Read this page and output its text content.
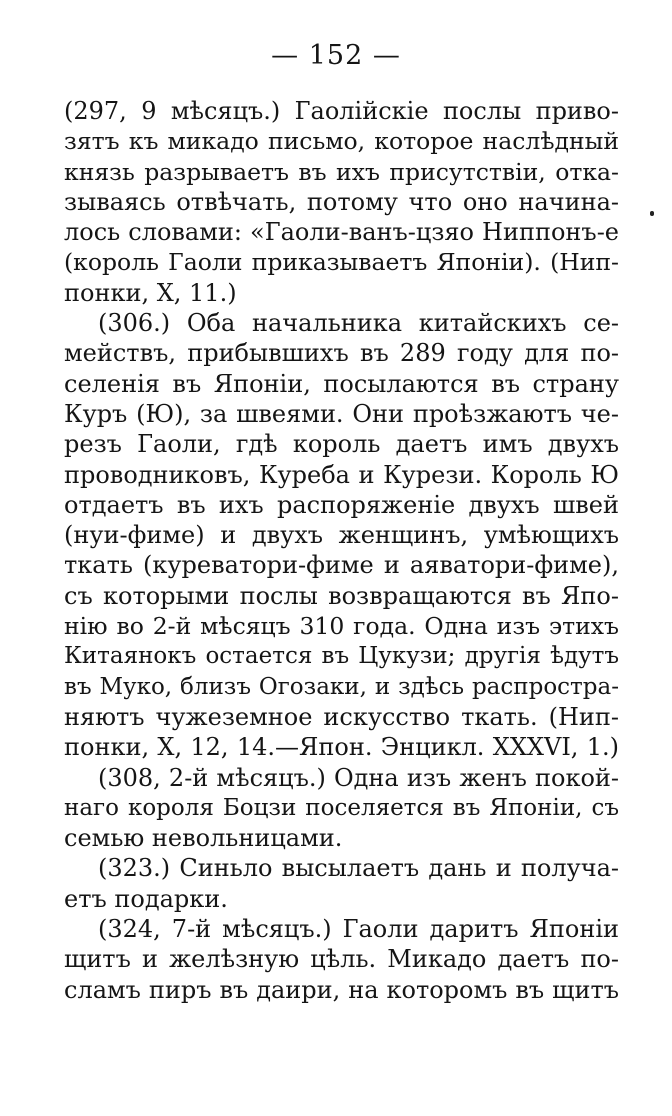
— 152 —
(297, 9 мѣсяцъ.) Гаолійскіе послы приво-
зятъ къ микадо письмо, которое наслѣдный
князь разрываетъ въ ихъ присутствіи, отка-
зываясь отвѣчать, потому что оно начина-
лось словами: «Гаоли-ванъ-цзяо Ниппонъ-е
(король Гаоли приказываетъ Японіи). (Нип-
понки, X, 11.)
(306.) Оба начальника китайскихъ се-
мействъ, прибывшихъ въ 289 году для по-
селенія въ Японіи, посылаются въ страну
Куръ (Ю), за швеями. Они проѣзжаютъ че-
резъ Гаоли, гдѣ король даетъ имъ двухъ
проводниковъ, Куреба и Курези. Король Ю
отдаетъ въ ихъ распоряженіе двухъ швей
(нуи-фиме) и двухъ женщинъ, умѣющихъ
ткать (куреватори-фиме и аяватори-фиме),
съ которыми послы возвращаются въ Япо-
нію во 2-й мѣсяцъ 310 года. Одна изъ этихъ
Китаянокъ остается въ Цукузи; другія ѣдутъ
въ Муко, близъ Огозаки, и здѣсь распростра-
няютъ чужеземное искусство ткать. (Нип-
понки, X, 12, 14.—Япон. Энцикл. XXXVI, 1.)
(308, 2-й мѣсяцъ.) Одна изъ женъ покой-
наго короля Боцзи поселяется въ Японіи, съ
семью невольницами.
(323.) Синьло высылаетъ дань и получа-
етъ подарки.
(324, 7-й мѣсяцъ.) Гаоли даритъ Японіи
щитъ и желѣзную цѣль. Микадо даетъ по-
сламъ пиръ въ даири, на которомъ въ щитъ
